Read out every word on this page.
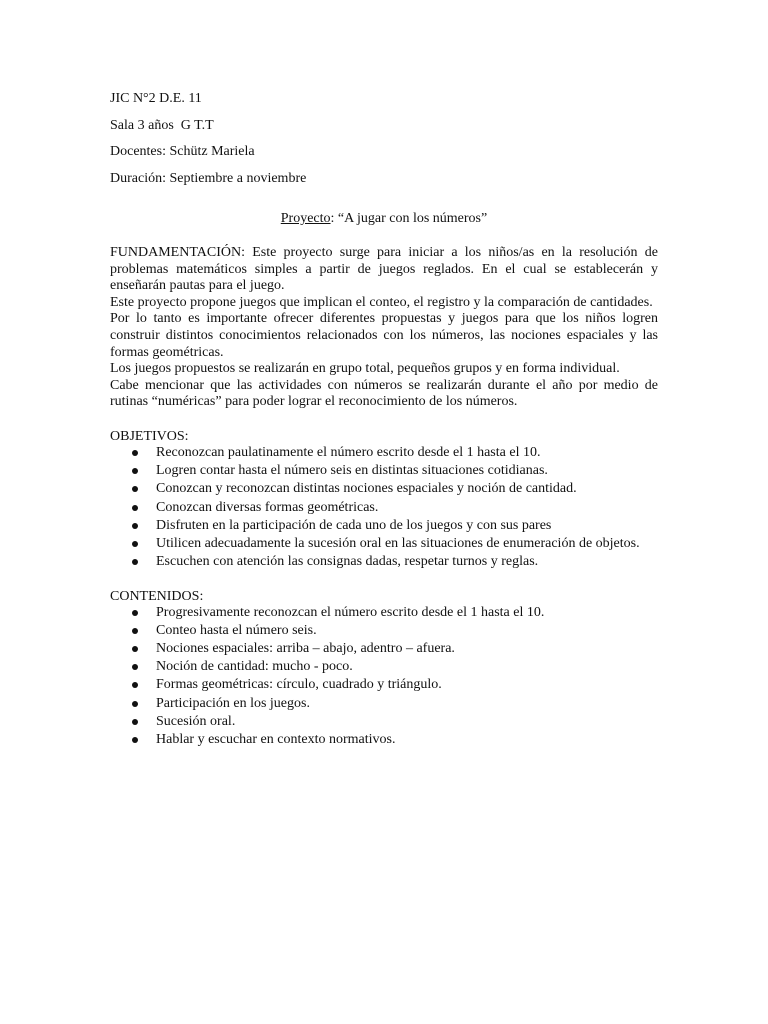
JIC N°2 D.E. 11
Sala 3 años  G T.T
Docentes: Schütz Mariela
Duración: Septiembre a noviembre
Proyecto: “A jugar con los números”

FUNDAMENTACIÓN: Este proyecto surge para iniciar a los niños/as en la resolución de problemas matemáticos simples a partir de juegos reglados. En el cual se establecerán y enseñarán pautas para el juego.

Este proyecto propone juegos que implican el conteo, el registro y la comparación de cantidades.

Por lo tanto es importante ofrecer diferentes propuestas y juegos para que los niños logren construir distintos conocimientos relacionados con los números, las nociones espaciales y las formas geométricas.

Los juegos propuestos se realizarán en grupo total, pequeños grupos y en forma individual.

Cabe mencionar que las actividades con números se realizarán durante el año por medio de rutinas “numéricas” para poder lograr el reconocimiento de los números.

OBJETIVOS:

Reconozcan paulatinamente el número escrito desde el 1 hasta el 10.
Logren contar hasta el número seis en distintas situaciones cotidianas.
Conozcan y reconozcan distintas nociones espaciales y noción de cantidad.
Conozcan diversas formas geométricas.
Disfruten en la participación de cada uno de los juegos y con sus pares
Utilicen adecuadamente la sucesión oral en las situaciones de enumeración de objetos.
Escuchen con atención las consignas dadas, respetar turnos y reglas.

CONTENIDOS:

Progresivamente reconozcan el número escrito desde el 1 hasta el 10.
Conteo hasta el número seis.
Nociones espaciales: arriba – abajo, adentro – afuera.
Noción de cantidad: mucho - poco.
Formas geométricas: círculo, cuadrado y triángulo.
Participación en los juegos.
Sucesión oral.
Hablar y escuchar en contexto normativos.
